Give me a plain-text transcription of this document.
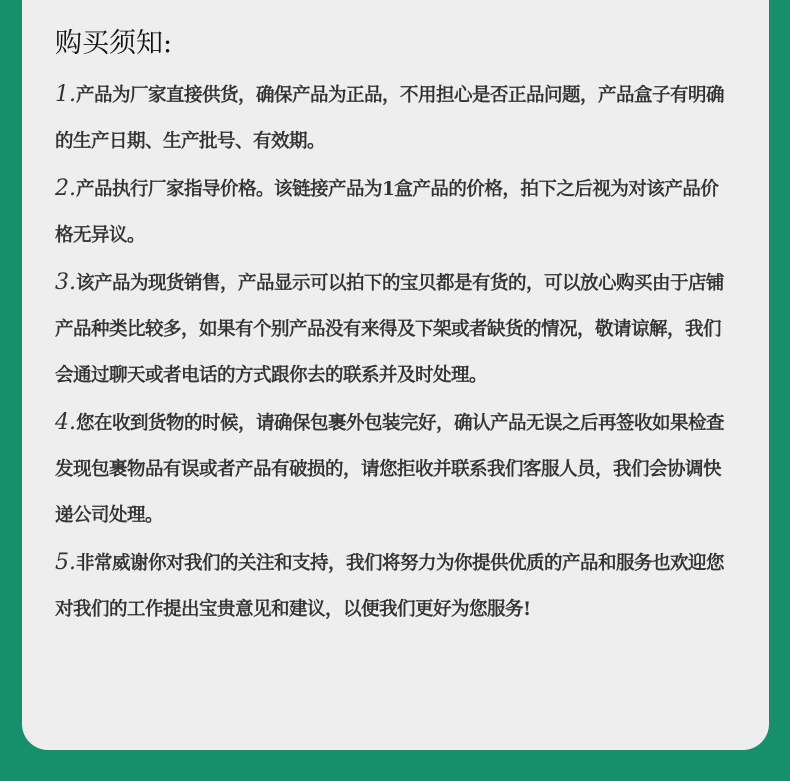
购买须知:

1.产品为厂家直接供货，确保产品为正品，不用担心是否正品问题，产品盒子有明确的生产日期、生产批号、有效期。

2.产品执行厂家指导价格。该链接产品为1盒产品的价格，拍下之后视为对该产品价格无异议。

3.该产品为现货销售，产品显示可以拍下的宝贝都是有货的，可以放心购买由于店铺产品种类比较多，如果有个别产品没有来得及下架或者缺货的情况，敬请谅解，我们会通过聊天或者电话的方式跟你去的联系并及时处理。

4.您在收到货物的时候，请确保包裹外包装完好，确认产品无误之后再签收如果检查发现包裹物品有误或者产品有破损的，请您拒收并联系我们客服人员，我们会协调快递公司处理。

5.非常威谢你对我们的关注和支持，我们将努力为你提供优质的产品和服务也欢迎您对我们的工作提出宝贵意见和建议，以便我们更好为您服务!
